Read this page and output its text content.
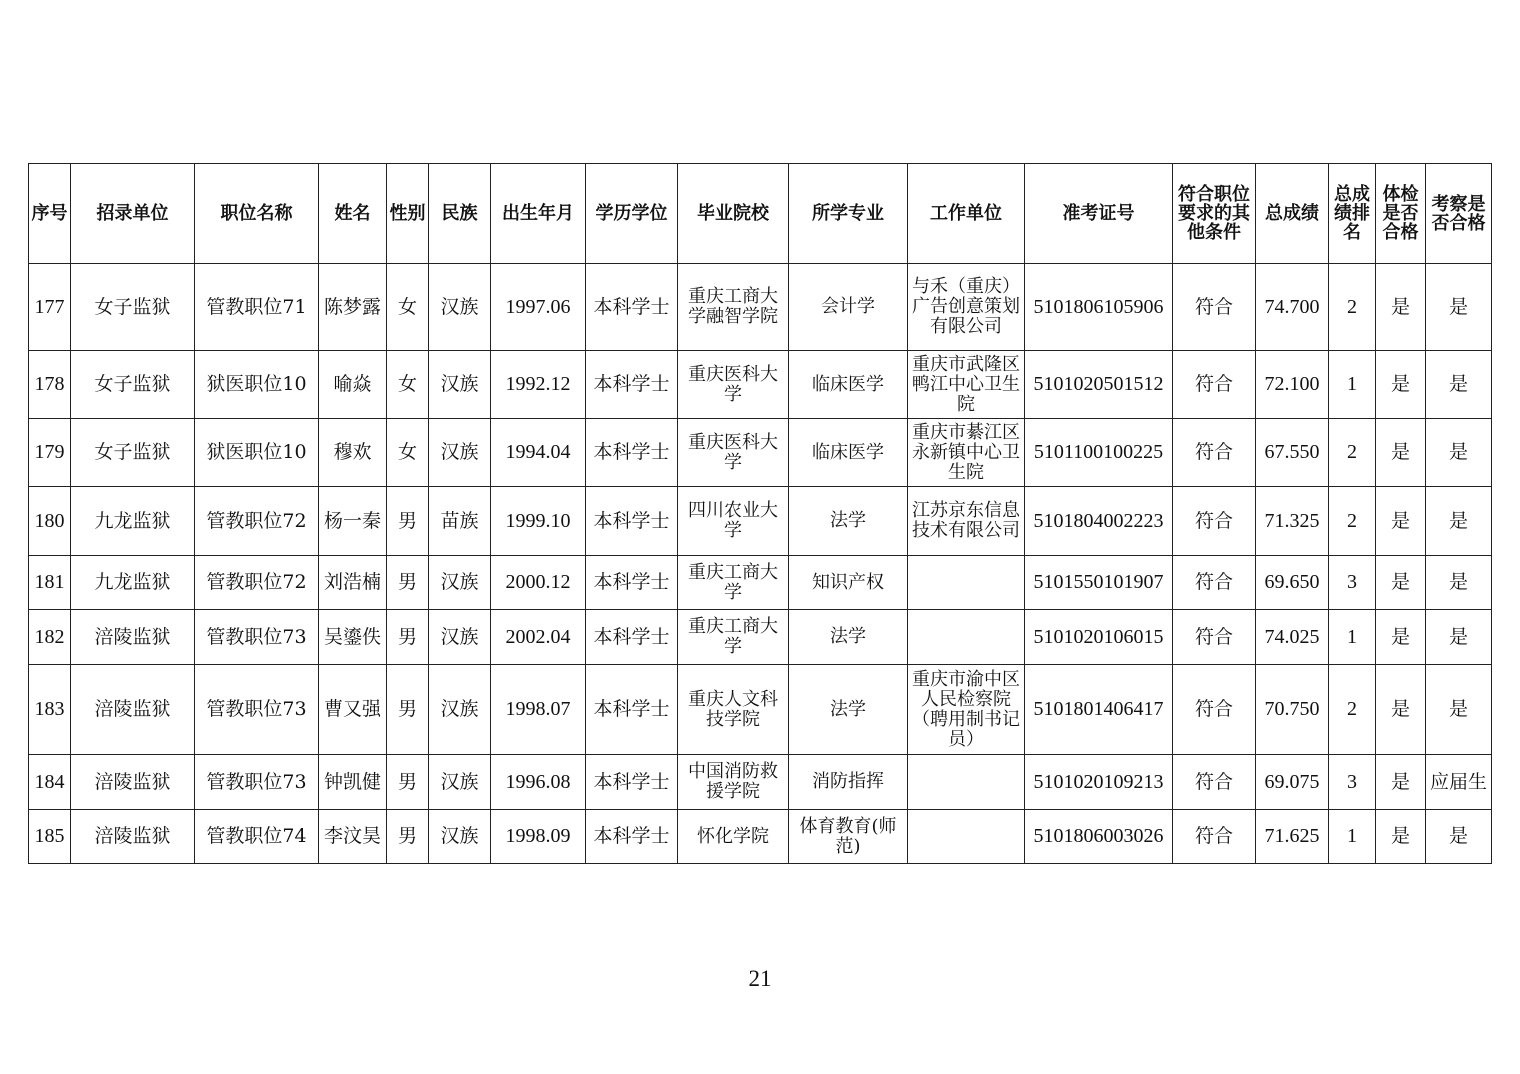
序号	招录单位	职位名称	姓名	性别	民族	出生年月	学历学位	毕业院校	所学专业	工作单位	准考证号	符合职位要求的其他条件	总成绩	总成绩排名	体检是否合格	考察是否合格
177	女子监狱	管教职位71	陈梦露	女	汉族	1997.06	本科学士	重庆工商大学融智学院	会计学	与禾（重庆）广告创意策划有限公司	5101806105906	符合	74.700	2	是	是
178	女子监狱	狱医职位10	喻焱	女	汉族	1992.12	本科学士	重庆医科大学	临床医学	重庆市武隆区鸭江中心卫生院	5101020501512	符合	72.100	1	是	是
179	女子监狱	狱医职位10	穆欢	女	汉族	1994.04	本科学士	重庆医科大学	临床医学	重庆市綦江区永新镇中心卫生院	5101100100225	符合	67.550	2	是	是
180	九龙监狱	管教职位72	杨一秦	男	苗族	1999.10	本科学士	四川农业大学	法学	江苏京东信息技术有限公司	5101804002223	符合	71.325	2	是	是
181	九龙监狱	管教职位72	刘浩楠	男	汉族	2000.12	本科学士	重庆工商大学	知识产权		5101550101907	符合	69.650	3	是	是
182	涪陵监狱	管教职位73	吴鎏佚	男	汉族	2002.04	本科学士	重庆工商大学	法学		5101020106015	符合	74.025	1	是	是
183	涪陵监狱	管教职位73	曹又强	男	汉族	1998.07	本科学士	重庆人文科技学院	法学	重庆市渝中区人民检察院（聘用制书记员）	5101801406417	符合	70.750	2	是	是
184	涪陵监狱	管教职位73	钟凯健	男	汉族	1996.08	本科学士	中国消防救援学院	消防指挥		5101020109213	符合	69.075	3	是	应届生
185	涪陵监狱	管教职位74	李汶昊	男	汉族	1998.09	本科学士	怀化学院	体育教育(师范)		5101806003026	符合	71.625	1	是	是
21
